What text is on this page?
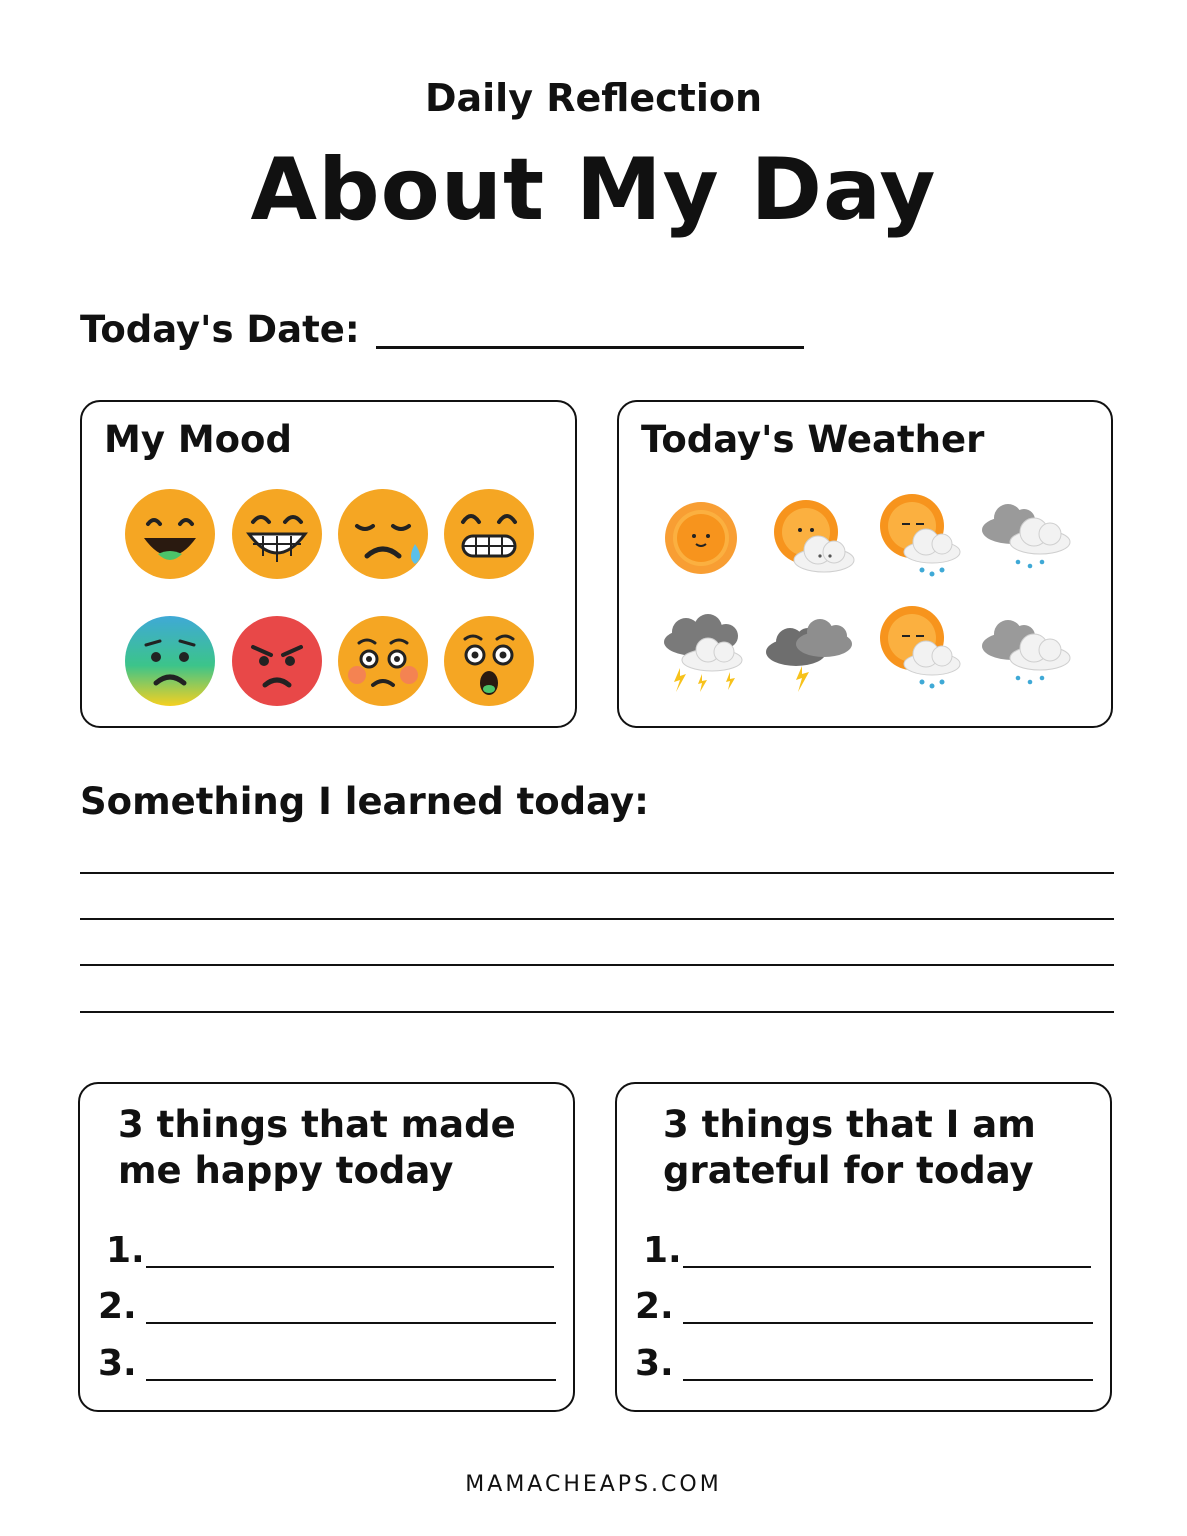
Daily Reflection
About My Day
Today's Date:
My Mood	Today's Weather
Something I learned today:
3 things that made
me happy today
1.
2.
3.
3 things that I am
grateful for today
1.
2.
3.
MAMACHEAPS.COM
